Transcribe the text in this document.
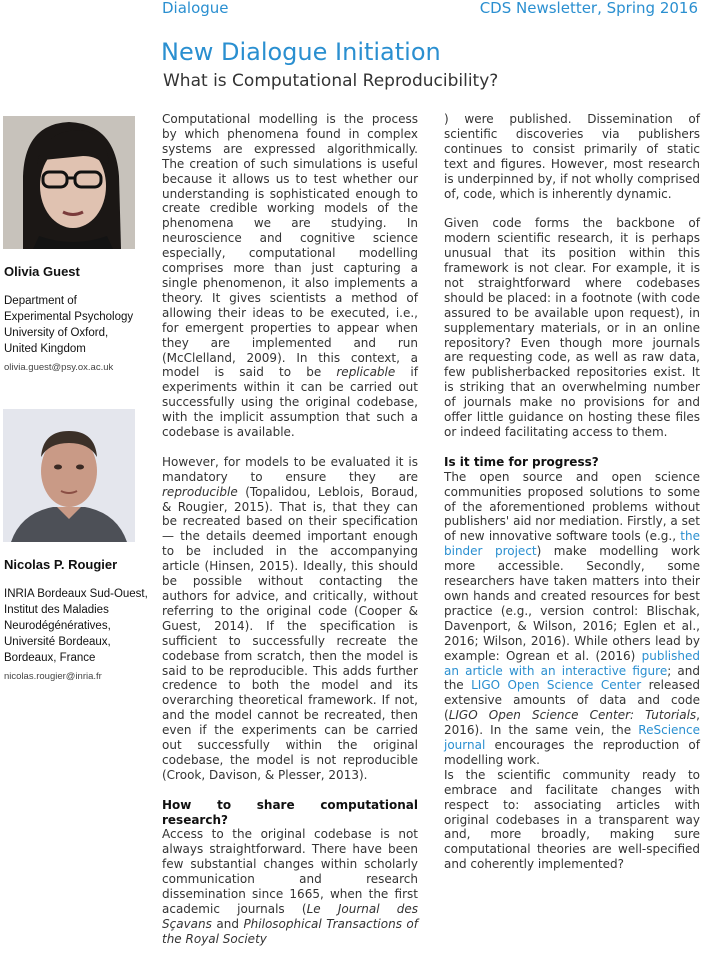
Dialogue	CDS Newsletter, Spring 2016
New Dialogue Initiation
What is Computational Reproducibility?

Olivia Guest

Department of
Experimental Psychology
University of Oxford,
United Kingdom
olivia.guest@psy.ox.ac.uk

Nicolas P. Rougier

INRIA Bordeaux Sud-Ouest,
Institut des Maladies
Neurodégénératives,
Université Bordeaux,
Bordeaux, France
nicolas.rougier@inria.fr

Computational modelling is the process by which phenomena found in complex systems are expressed algorithmically. The creation of such simulations is useful because it allows us to test whether our understanding is sophisticated enough to create credible working models of the phenomena we are studying. In neuroscience and cognitive science especially, computational modelling comprises more than just capturing a single phenomenon, it also implements a theory. It gives scientists a method of allowing their ideas to be executed, i.e., for emergent properties to appear when they are implemented and run (McClelland, 2009). In this context, a model is said to be replicable if experiments within it can be carried out successfully using the original codebase, with the implicit assumption that such a codebase is available.

However, for models to be evaluated it is mandatory to ensure they are reproducible (Topalidou, Leblois, Boraud, & Rougier, 2015). That is, that they can be recreated based on their specification — the details deemed important enough to be included in the accompanying article (Hinsen, 2015). Ideally, this should be possible without contacting the authors for advice, and critically, without referring to the original code (Cooper & Guest, 2014). If the specification is sufficient to successfully recreate the codebase from scratch, then the model is said to be reproducible. This adds further credence to both the model and its overarching theoretical framework. If not, and the model cannot be recreated, then even if the experiments can be carried out successfully within the original codebase, the model is not reproducible (Crook, Davison, & Plesser, 2013).

How to share computational research?

Access to the original codebase is not always straightforward. There have been few substantial changes within scholarly communication and research dissemination since 1665, when the first academic journals (Le Journal des Sçavans and Philosophical Transactions of the Royal Society

) were published. Dissemination of scientific discoveries via publishers continues to consist primarily of static text and figures. However, most research is underpinned by, if not wholly comprised of, code, which is inherently dynamic.

Given code forms the backbone of modern scientific research, it is perhaps unusual that its position within this framework is not clear. For example, it is not straightforward where codebases should be placed: in a footnote (with code assured to be available upon request), in supplementary materials, or in an online repository? Even though more journals are requesting code, as well as raw data, few publisherbacked repositories exist. It is striking that an overwhelming number of journals make no provisions for and offer little guidance on hosting these files or indeed facilitating access to them.

Is it time for progress?

The open source and open science communities proposed solutions to some of the aforementioned problems without publishers' aid nor mediation. Firstly, a set of new innovative software tools (e.g., the binder project) make modelling work more accessible. Secondly, some researchers have taken matters into their own hands and created resources for best practice (e.g., version control: Blischak, Davenport, & Wilson, 2016; Eglen et al., 2016; Wilson, 2016). While others lead by example: Ogrean et al. (2016) published an article with an interactive figure; and the LIGO Open Science Center released extensive amounts of data and code (LIGO Open Science Center: Tutorials, 2016). In the same vein, the ReScience journal encourages the reproduction of modelling work.

Is the scientific community ready to embrace and facilitate changes with respect to: associating articles with original codebases in a transparent way and, more broadly, making sure computational theories are well-specified and coherently implemented?
